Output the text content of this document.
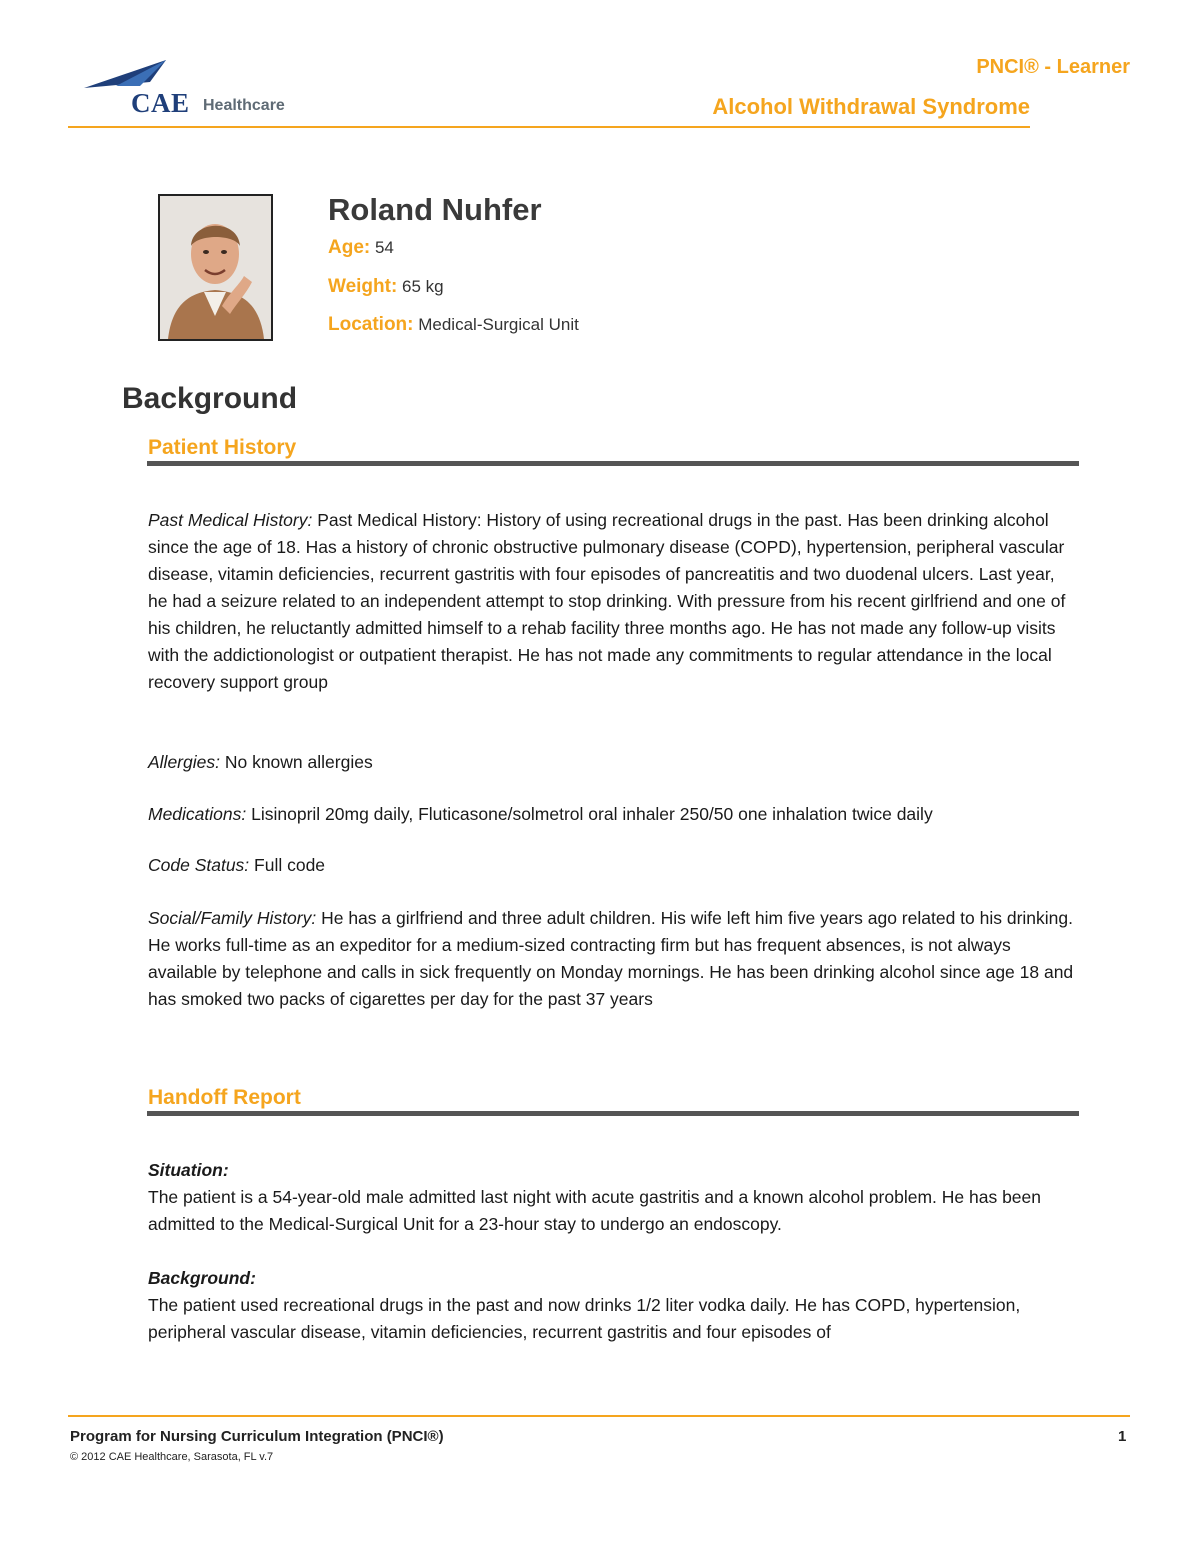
CAE Healthcare
PNCI® - Learner
Alcohol Withdrawal Syndrome
Roland Nuhfer
Age: 54
Weight: 65 kg
Location: Medical-Surgical Unit
Background
Patient History
Past Medical History: Past Medical History: History of using recreational drugs in the past. Has been drinking alcohol since the age of 18. Has a history of chronic obstructive pulmonary disease (COPD), hypertension, peripheral vascular disease, vitamin deficiencies, recurrent gastritis with four episodes of pancreatitis and two duodenal ulcers. Last year, he had a seizure related to an independent attempt to stop drinking. With pressure from his recent girlfriend and one of his children, he reluctantly admitted himself to a rehab facility three months ago. He has not made any follow-up visits with the addictionologist or outpatient therapist. He has not made any commitments to regular attendance in the local recovery support group
Allergies: No known allergies
Medications: Lisinopril 20mg daily, Fluticasone/solmetrol oral inhaler 250/50 one inhalation twice daily
Code Status: Full code
Social/Family History: He has a girlfriend and three adult children. His wife left him five years ago related to his drinking. He works full-time as an expeditor for a medium-sized contracting firm but has frequent absences, is not always available by telephone and calls in sick frequently on Monday mornings. He has been drinking alcohol since age 18 and has smoked two packs of cigarettes per day for the past 37 years
Handoff Report
Situation:
The patient is a 54-year-old male admitted last night with acute gastritis and a known alcohol problem. He has been admitted to the Medical-Surgical Unit for a 23-hour stay to undergo an endoscopy.
Background:
The patient used recreational drugs in the past and now drinks 1/2 liter vodka daily. He has COPD, hypertension, peripheral vascular disease, vitamin deficiencies, recurrent gastritis and four episodes of
Program for Nursing Curriculum Integration (PNCI®)
© 2012 CAE Healthcare, Sarasota, FL v.7
1
